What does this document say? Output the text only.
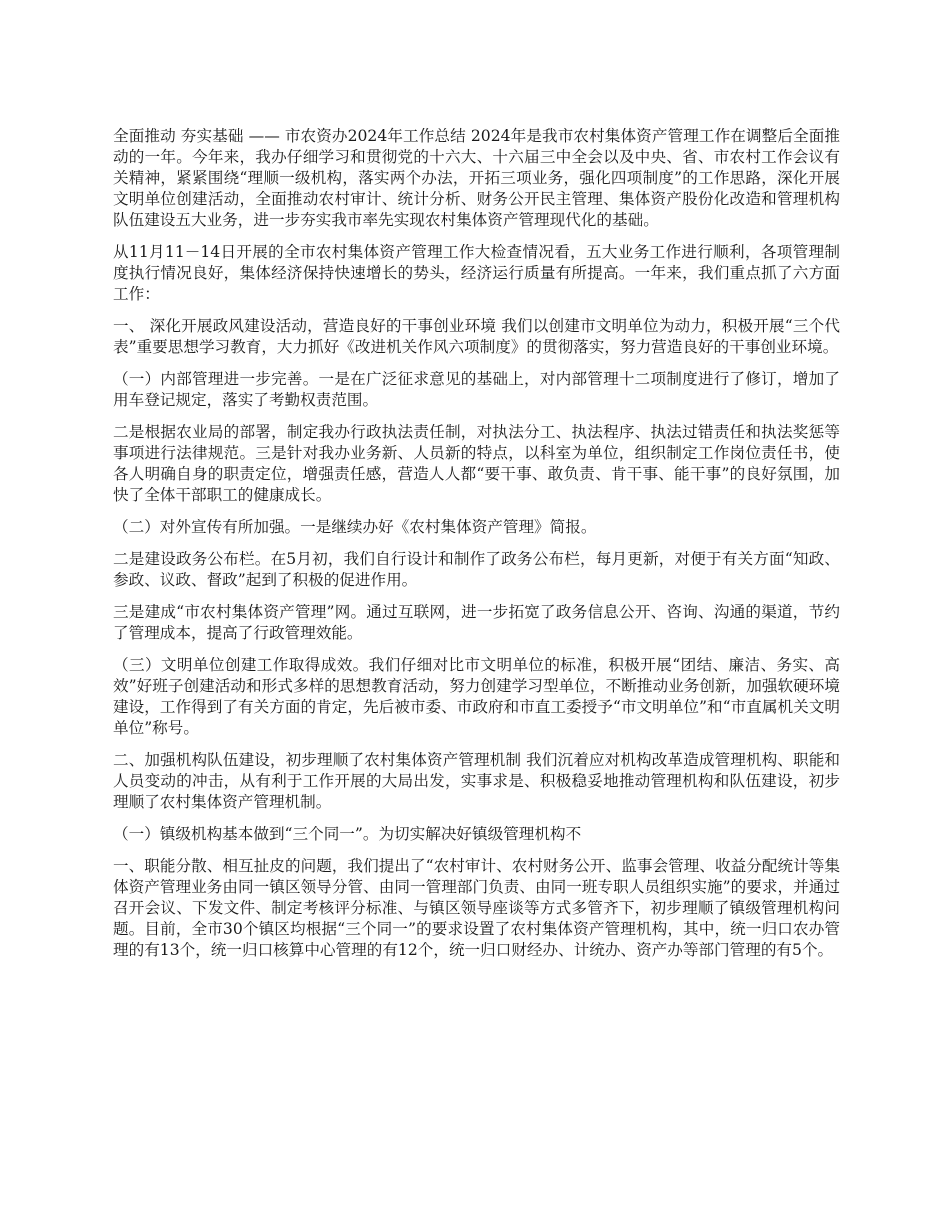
全面推动 夯实基础 —— 市农资办2024年工作总结 2024年是我市农村集体资产管理工作在调整后全面推动的一年。今年来，我办仔细学习和贯彻党的十六大、十六届三中全会以及中央、省、市农村工作会议有关精神，紧紧围绕“理顺一级机构，落实两个办法，开拓三项业务，强化四项制度”的工作思路，深化开展文明单位创建活动，全面推动农村审计、统计分析、财务公开民主管理、集体资产股份化改造和管理机构队伍建设五大业务，进一步夯实我市率先实现农村集体资产管理现代化的基础。

从11月11－14日开展的全市农村集体资产管理工作大检查情况看，五大业务工作进行顺利，各项管理制度执行情况良好，集体经济保持快速增长的势头，经济运行质量有所提高。一年来，我们重点抓了六方面工作：

一、 深化开展政风建设活动，营造良好的干事创业环境 我们以创建市文明单位为动力，积极开展“三个代表”重要思想学习教育，大力抓好《改进机关作风六项制度》的贯彻落实，努力营造良好的干事创业环境。

（一）内部管理进一步完善。一是在广泛征求意见的基础上，对内部管理十二项制度进行了修订，增加了用车登记规定，落实了考勤权责范围。

二是根据农业局的部署，制定我办行政执法责任制，对执法分工、执法程序、执法过错责任和执法奖惩等事项进行法律规范。三是针对我办业务新、人员新的特点，以科室为单位，组织制定工作岗位责任书，使各人明确自身的职责定位，增强责任感，营造人人都“要干事、敢负责、肯干事、能干事”的良好氛围，加快了全体干部职工的健康成长。

（二）对外宣传有所加强。一是继续办好《农村集体资产管理》简报。

二是建设政务公布栏。在5月初，我们自行设计和制作了政务公布栏，每月更新，对便于有关方面“知政、参政、议政、督政”起到了积极的促进作用。

三是建成“市农村集体资产管理”网。通过互联网，进一步拓宽了政务信息公开、咨询、沟通的渠道，节约了管理成本，提高了行政管理效能。

（三）文明单位创建工作取得成效。我们仔细对比市文明单位的标准，积极开展“团结、廉洁、务实、高效”好班子创建活动和形式多样的思想教育活动，努力创建学习型单位，不断推动业务创新，加强软硬环境建设，工作得到了有关方面的肯定，先后被市委、市政府和市直工委授予“市文明单位”和“市直属机关文明单位”称号。

二、加强机构队伍建设，初步理顺了农村集体资产管理机制 我们沉着应对机构改革造成管理机构、职能和人员变动的冲击，从有利于工作开展的大局出发，实事求是、积极稳妥地推动管理机构和队伍建设，初步理顺了农村集体资产管理机制。

（一）镇级机构基本做到“三个同一”。为切实解决好镇级管理机构不

一、职能分散、相互扯皮的问题，我们提出了“农村审计、农村财务公开、监事会管理、收益分配统计等集体资产管理业务由同一镇区领导分管、由同一管理部门负责、由同一班专职人员组织实施”的要求，并通过召开会议、下发文件、制定考核评分标准、与镇区领导座谈等方式多管齐下，初步理顺了镇级管理机构问题。目前，全市30个镇区均根据“三个同一”的要求设置了农村集体资产管理机构，其中，统一归口农办管理的有13个，统一归口核算中心管理的有12个，统一归口财经办、计统办、资产办等部门管理的有5个。
